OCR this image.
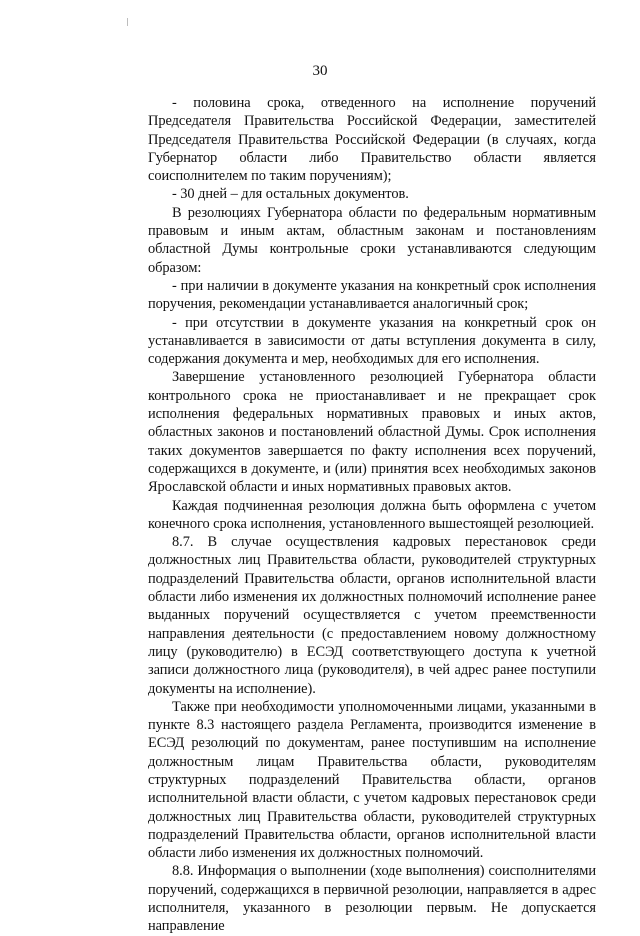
30

- половина срока, отведенного на исполнение поручений Председателя Правительства Российской Федерации, заместителей Председателя Правительства Российской Федерации (в случаях, когда Губернатор области либо Правительство области является соисполнителем по таким поручениям);

- 30 дней – для остальных документов.

В резолюциях Губернатора области по федеральным нормативным правовым и иным актам, областным законам и постановлениям областной Думы контрольные сроки устанавливаются следующим образом:

- при наличии в документе указания на конкретный срок исполнения поручения, рекомендации устанавливается аналогичный срок;

- при отсутствии в документе указания на конкретный срок он устанавливается в зависимости от даты вступления документа в силу, содержания документа и мер, необходимых для его исполнения.

Завершение установленного резолюцией Губернатора области контрольного срока не приостанавливает и не прекращает срок исполнения федеральных нормативных правовых и иных актов, областных законов и постановлений областной Думы. Срок исполнения таких документов завершается по факту исполнения всех поручений, содержащихся в документе, и (или) принятия всех необходимых законов Ярославской области и иных нормативных правовых актов.

Каждая подчиненная резолюция должна быть оформлена с учетом конечного срока исполнения, установленного вышестоящей резолюцией.

8.7. В случае осуществления кадровых перестановок среди должностных лиц Правительства области, руководителей структурных подразделений Правительства области, органов исполнительной власти области либо изменения их должностных полномочий исполнение ранее выданных поручений осуществляется с учетом преемственности направления деятельности (с предоставлением новому должностному лицу (руководителю) в ЕСЭД соответствующего доступа к учетной записи должностного лица (руководителя), в чей адрес ранее поступили документы на исполнение).

Также при необходимости уполномоченными лицами, указанными в пункте 8.3 настоящего раздела Регламента, производится изменение в ЕСЭД резолюций по документам, ранее поступившим на исполнение должностным лицам Правительства области, руководителям структурных подразделений Правительства области, органов исполнительной власти области, с учетом кадровых перестановок среди должностных лиц Правительства области, руководителей структурных подразделений Правительства области, органов исполнительной власти области либо изменения их должностных полномочий.

8.8. Информация о выполнении (ходе выполнения) соисполнителями поручений, содержащихся в первичной резолюции, направляется в адрес исполнителя, указанного в резолюции первым. Не допускается направление
